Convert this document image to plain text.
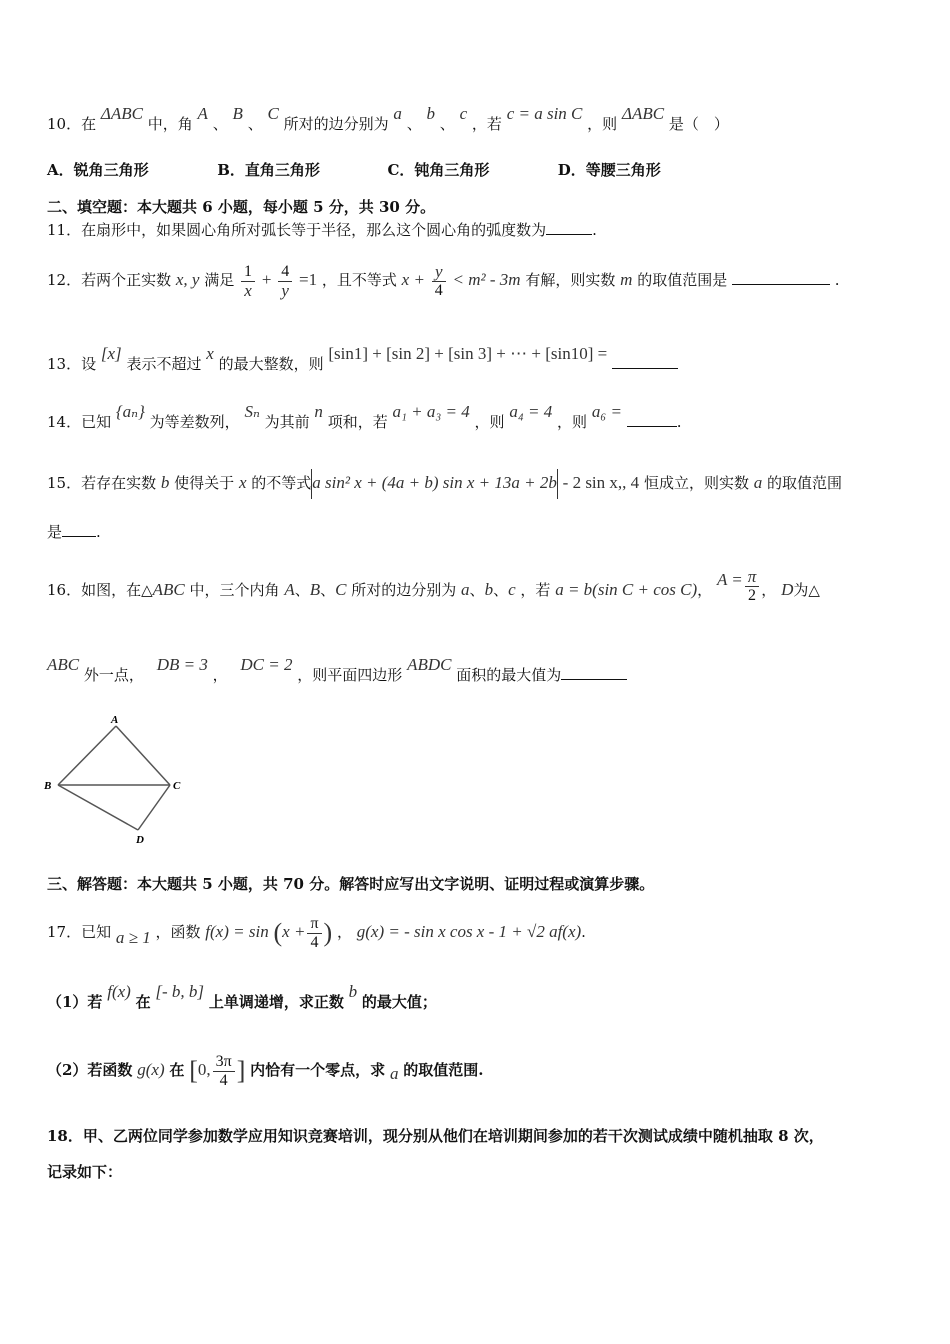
10．在 ΔABC 中，角 A 、 B 、 C 所对的边分别为 a 、 b 、 c ，若 c = a sin C ，则 ΔABC 是（　）
A．锐角三角形	B．直角三角形	C．钝角三角形	D．等腰三角形
二、填空题：本大题共 6 小题，每小题 5 分，共 30 分。
11．在扇形中，如果圆心角所对弧长等于半径，那么这个圆心角的弧度数为	.
12．若两个正实数 x, y 满足 $\frac{1}{x} + \frac{4}{y} =1$ ，且不等式 $x + \frac{y}{4} < m^2 - 3m$ 有解，则实数 m 的取值范围是	.
13．设 [x] 表示不超过 x 的最大整数，则 [sin1] + [sin 2] + [sin 3] + ⋯ + [sin10] =
14．已知 {aₙ} 为等差数列， Sₙ 为其前 n 项和，若 a₁ + a₃ = 4 ，则 a₄ = 4 ，则 a₆ = .
15．若存在实数 b 使得关于 x 的不等式a sin² x + (4a + b) sin x + 13a + 2b - 2 sin x,, 4 恒成立，则实数 a 的取值范围
是 .
16．如图，在△ABC 中，三个内角 A、B、C 所对的边分别为 a、b、c ，若 a = b(sin C + cos C)， $A = \frac{\pi}{2}$ ， D为△
ABC 外一点， DB = 3 ， DC = 2 ，则平面四边形 ABDC 面积的最大值为
A
B	C
D
三、解答题：本大题共 5 小题，共 70 分。解答时应写出文字说明、证明过程或演算步骤。
17．已知 a ≥ 1 ，函数 $f(x) = \sin (x + \frac{\pi}{4}$ ) ， g(x) = - sin x cos x - 1 + √2 af(x).
（1）若 f(x) 在 [- b, b] 上单调递增，求正数 b 的最大值；
（2）若函数 g(x) 在 [0, $\frac{3\pi}{4}$ ] 内恰有一个零点，求 a 的取值范围.
18．甲、乙两位同学参加数学应用知识竞赛培训，现分别从他们在培训期间参加的若干次测试成绩中随机抽取 8 次，
记录如下：
